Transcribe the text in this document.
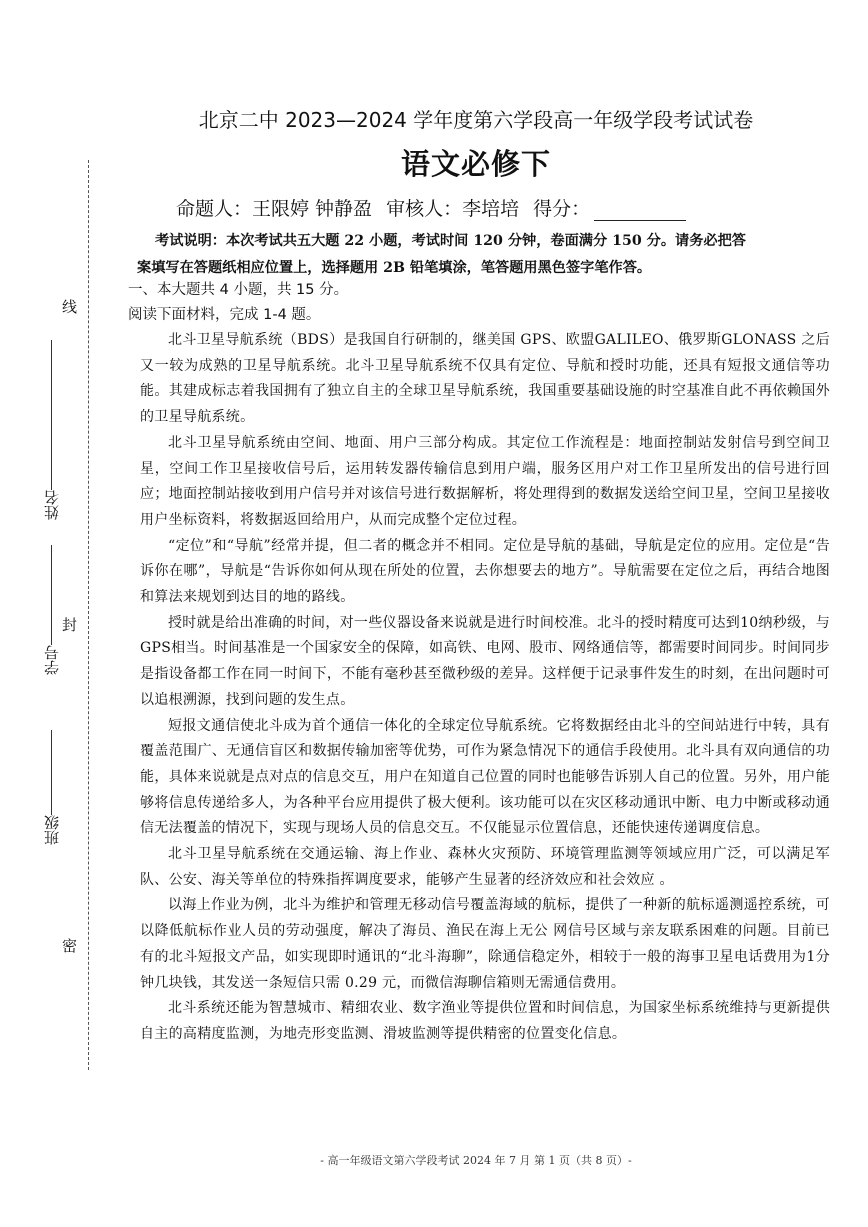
线
封
密
姓名
学号
班级
北京二中 2023—2024 学年度第六学段高一年级学段考试试卷
语文必修下
命题人： 王限婷 钟静盈 审核人： 李培培 得分：
考试说明：本次考试共五大题 22 小题，考试时间 120 分钟，卷面满分 150 分。请务必把答
案填写在答题纸相应位置上，选择题用 2B 铅笔填涂，笔答题用黑色签字笔作答。
一、本大题共 4 小题，共 15 分。
阅读下面材料，完成 1-4 题。

北斗卫星导航系统（BDS）是我国自行研制的，继美国 GPS、欧盟GALILEO、俄罗斯GLONASS 之后又一较为成熟的卫星导航系统。北斗卫星导航系统不仅具有定位、导航和授时功能，还具有短报文通信等功能。其建成标志着我国拥有了独立自主的全球卫星导航系统，我国重要基础设施的时空基准自此不再依赖国外的卫星导航系统。

北斗卫星导航系统由空间、地面、用户三部分构成。其定位工作流程是：地面控制站发射信号到空间卫星，空间工作卫星接收信号后，运用转发器传输信息到用户端，服务区用户对工作卫星所发出的信号进行回应；地面控制站接收到用户信号并对该信号进行数据解析，将处理得到的数据发送给空间卫星，空间卫星接收用户坐标资料，将数据返回给用户，从而完成整个定位过程。

“定位”和“导航”经常并提，但二者的概念并不相同。定位是导航的基础，导航是定位的应用。定位是“告诉你在哪”，导航是“告诉你如何从现在所处的位置，去你想要去的地方”。导航需要在定位之后，再结合地图和算法来规划到达目的地的路线。

授时就是给出准确的时间，对一些仪器设备来说就是进行时间校准。北斗的授时精度可达到10纳秒级，与GPS相当。时间基准是一个国家安全的保障，如高铁、电网、股市、网络通信等，都需要时间同步。时间同步是指设备都工作在同一时间下，不能有毫秒甚至微秒级的差异。这样便于记录事件发生的时刻，在出问题时可以追根溯源，找到问题的发生点。

短报文通信使北斗成为首个通信一体化的全球定位导航系统。它将数据经由北斗的空间站进行中转，具有覆盖范围广、无通信盲区和数据传输加密等优势，可作为紧急情况下的通信手段使用。北斗具有双向通信的功能，具体来说就是点对点的信息交互，用户在知道自己位置的同时也能够告诉别人自己的位置。另外，用户能够将信息传递给多人，为各种平台应用提供了极大便利。该功能可以在灾区移动通讯中断、电力中断或移动通信无法覆盖的情况下，实现与现场人员的信息交互。不仅能显示位置信息，还能快速传递调度信息。

北斗卫星导航系统在交通运输、海上作业、森林火灾预防、环境管理监测等领域应用广泛，可以满足军队、公安、海关等单位的特殊指挥调度要求，能够产生显著的经济效应和社会效应 。

以海上作业为例，北斗为维护和管理无移动信号覆盖海域的航标，提供了一种新的航标遥测遥控系统，可以降低航标作业人员的劳动强度，解决了海员、渔民在海上无公 网信号区域与亲友联系困难的问题。目前已有的北斗短报文产品，如实现即时通讯的“北斗海聊”，除通信稳定外，相较于一般的海事卫星电话费用为1分钟几块钱，其发送一条短信只需 0.29 元，而微信海聊信箱则无需通信费用。

北斗系统还能为智慧城市、精细农业、数字渔业等提供位置和时间信息，为国家坐标系统维持与更新提供自主的高精度监测，为地壳形变监测、滑坡监测等提供精密的位置变化信息。

- 高一年级语文第六学段考试 2024 年 7 月 第 1 页（共 8 页）-
